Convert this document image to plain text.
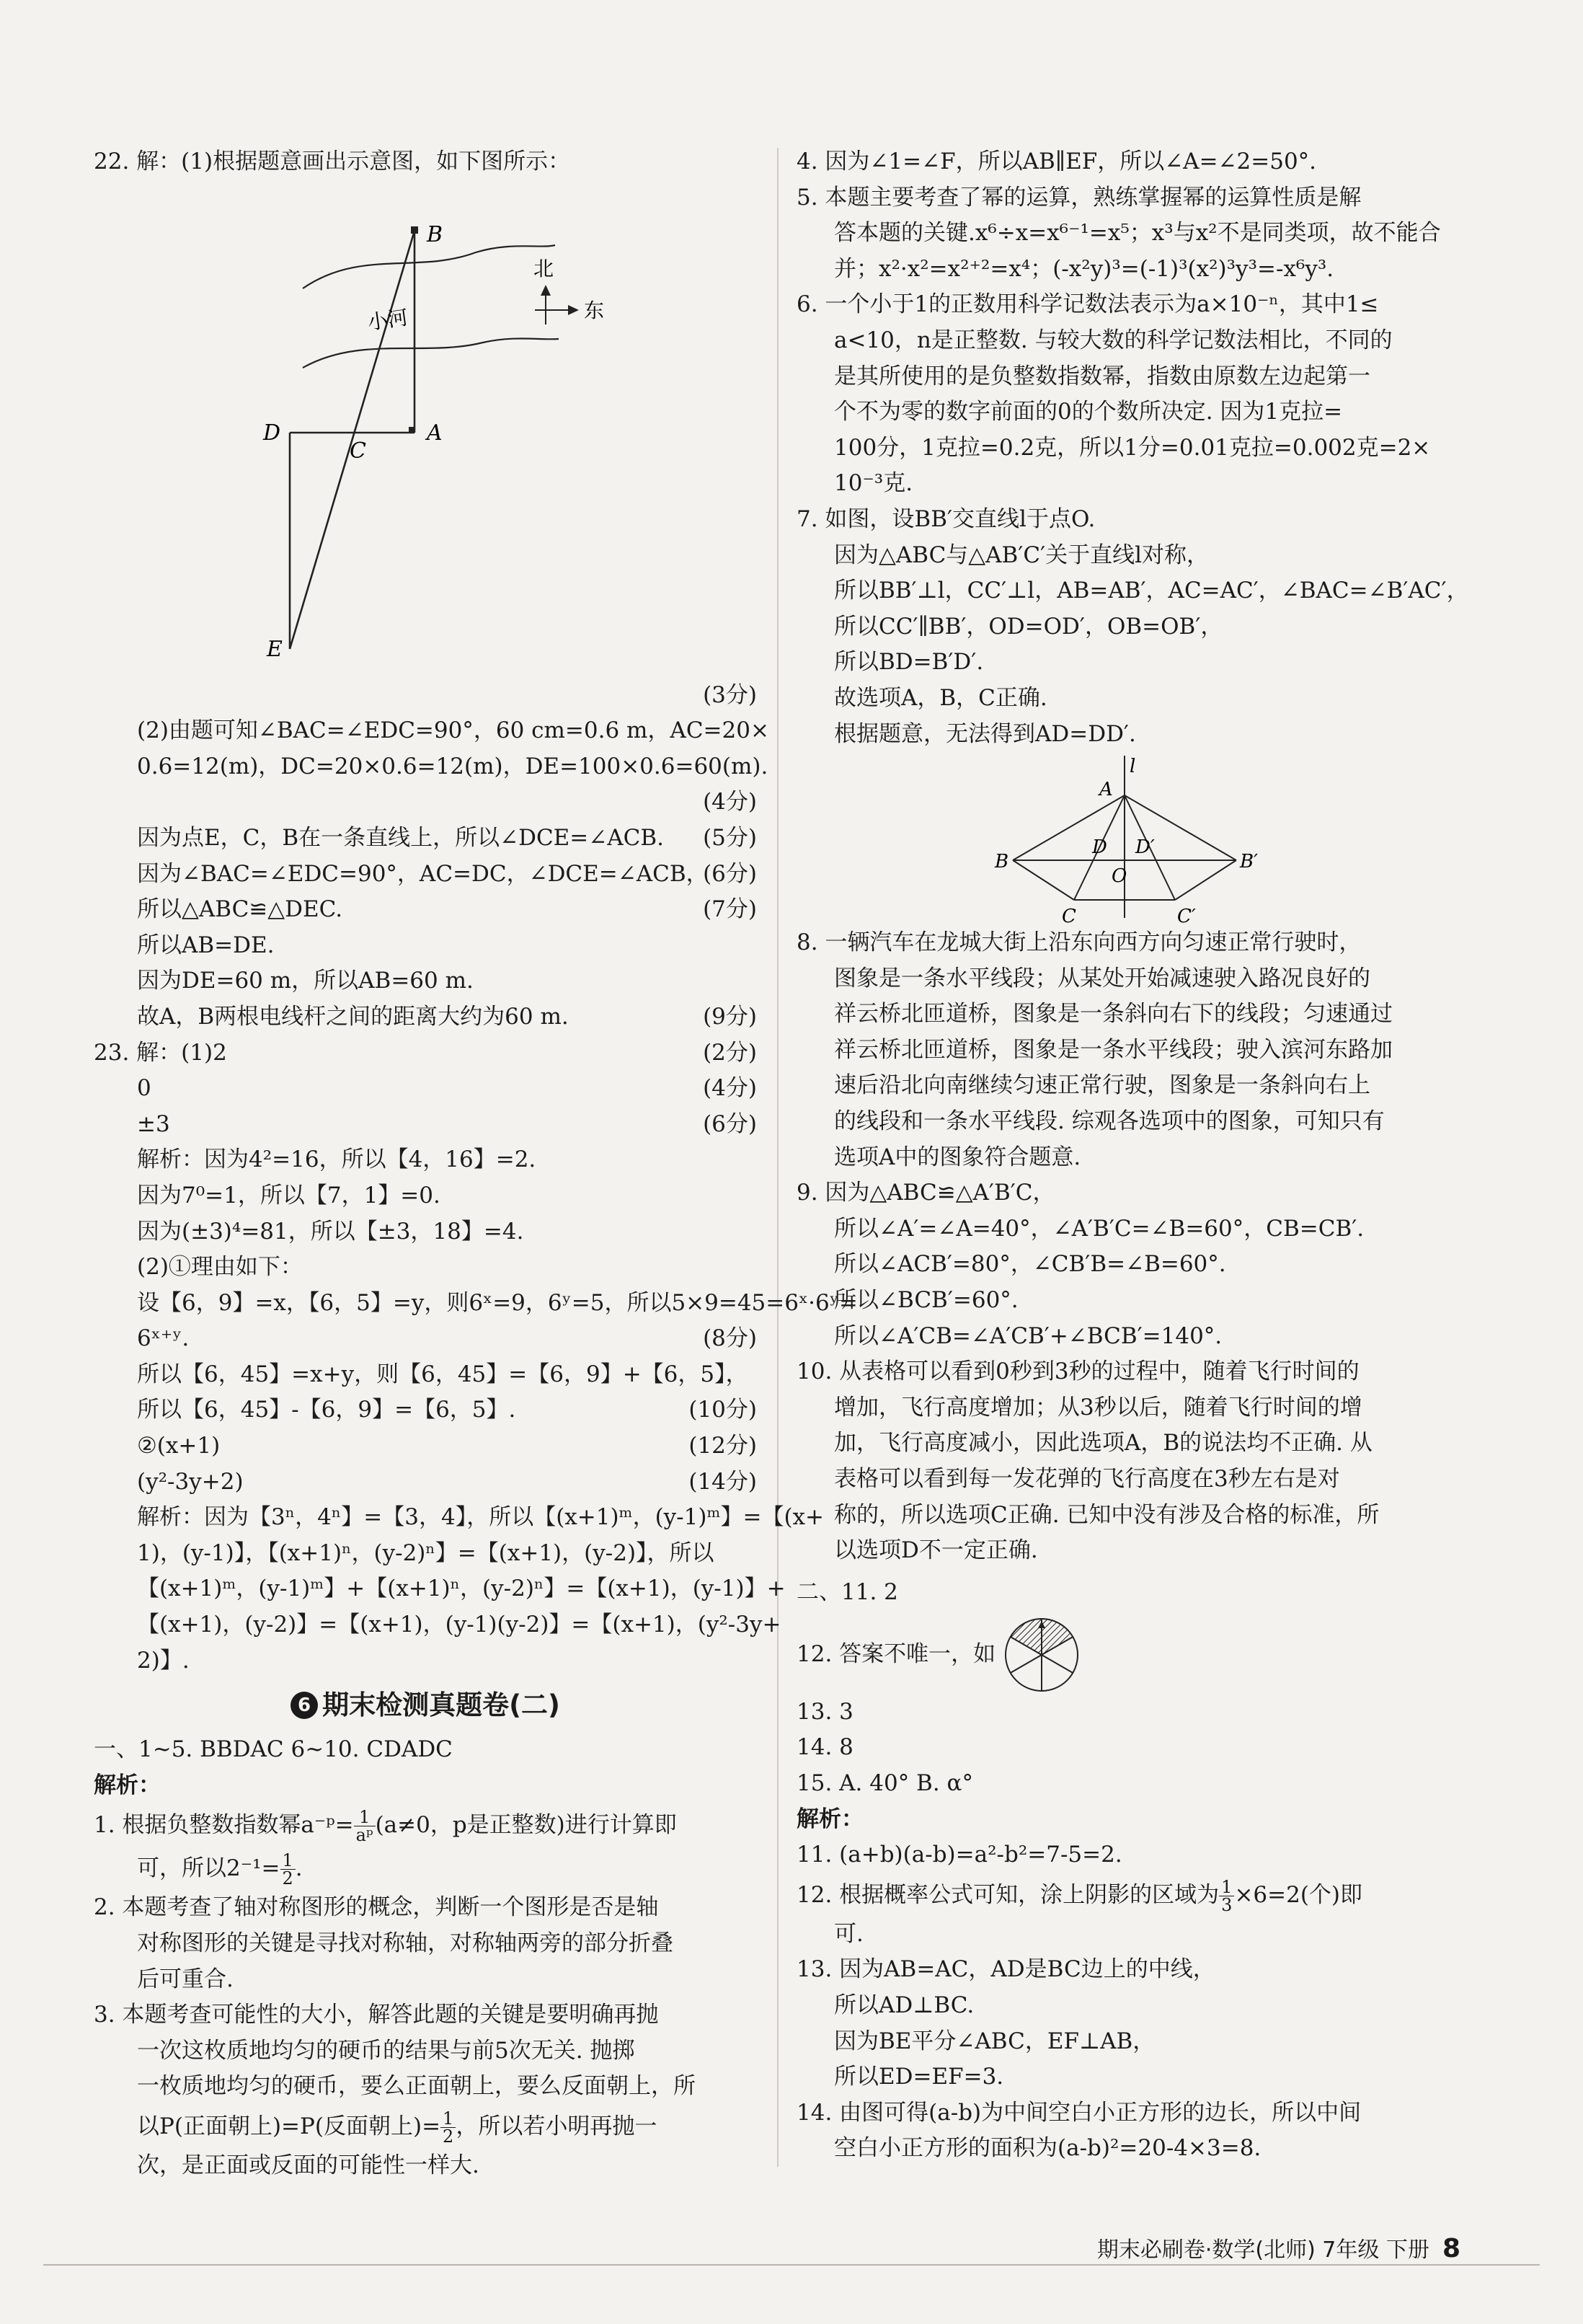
22. 解：(1)根据题意画出示意图，如下图所示：
B
A
C
D
E
小河
北
东
(3分)
(2)由题可知∠BAC=∠EDC=90°，60 cm=0.6 m，AC=20×
0.6=12(m)，DC=20×0.6=12(m)，DE=100×0.6=60(m).
(4分)
因为点E，C，B在一条直线上，所以∠DCE=∠ACB. (5分)
因为∠BAC=∠EDC=90°，AC=DC，∠DCE=∠ACB，
(6分)
所以△ABC≌△DEC.	(7分)
所以AB=DE.
因为DE=60 m，所以AB=60 m.
故A，B两根电线杆之间的距离大约为60 m.	(9分)
23. 解：(1)2	(2分)
0	(4分)
±3	(6分)
解析：因为4²=16，所以【4，16】=2.
因为7⁰=1，所以【7，1】=0.
因为(±3)⁴=81，所以【±3，18】=4.
(2)①理由如下：
设【6，9】=x，【6，5】=y，则6ˣ=9，6ʸ=5，所以5×9=45=6ˣ·6ʸ=
6ˣ⁺ʸ.	(8分)
所以【6，45】=x+y，则【6，45】=【6，9】+【6，5】，
所以【6，45】-【6，9】=【6，5】.	(10分)
②(x+1)	(12分)
(y²-3y+2)	(14分)
解析：因为【3ⁿ，4ⁿ】=【3，4】，所以【(x+1)ᵐ，(y-1)ᵐ】=【(x+
1)，(y-1)】，【(x+1)ⁿ，(y-2)ⁿ】=【(x+1)，(y-2)】，所以
【(x+1)ᵐ，(y-1)ᵐ】+【(x+1)ⁿ，(y-2)ⁿ】=【(x+1)，(y-1)】+
【(x+1)，(y-2)】=【(x+1)，(y-1)(y-2)】=【(x+1)，(y²-3y+
2)】.
6 期末检测真题卷(二)
一、1~5. BBDAC 6~10. CDADC
解析：
1. 根据负整数指数幂a⁻ᵖ= $\frac{1}{\text{aᵖ}} (a\ne 0$，p是正整数)进行计算即
可，所以$2^{-1}= \frac{1}{2}$ .
2. 本题考查了轴对称图形的概念，判断一个图形是否是轴
对称图形的关键是寻找对称轴，对称轴两旁的部分折叠
后可重合.
3. 本题考查可能性的大小，解答此题的关键是要明确再抛
一次这枚质地均匀的硬币的结果与前5次无关. 抛掷
一枚质地均匀的硬币，要么正面朝上，要么反面朝上，所
以P(正面朝上)=P(反面朝上)= $\frac{1}{2}$ ，所以若小明再抛一
次，是正面或反面的可能性一样大.
4. 因为∠1=∠F，所以AB∥EF，所以∠A=∠2=50°.
5. 本题主要考查了幂的运算，熟练掌握幂的运算性质是解
答本题的关键.x⁶÷x=x⁶⁻¹=x⁵；x³与x²不是同类项，故不能合
并；x²·x²=x²⁺²=x⁴；(-x²y)³=(-1)³(x²)³y³=-x⁶y³.
6. 一个小于1的正数用科学记数法表示为a×10⁻ⁿ，其中1≤
a<10，n是正整数. 与较大数的科学记数法相比，不同的
是其所使用的是负整数指数幂，指数由原数左边起第一
个不为零的数字前面的0的个数所决定. 因为1克拉=
100分，1克拉=0.2克，所以1分=0.01克拉=0.002克=2×
10⁻³克.
7. 如图，设BB′交直线l于点O.
因为△ABC与△AB′C′关于直线l对称，
所以BB′⊥l，CC′⊥l，AB=AB′，AC=AC′，∠BAC=∠B′AC′，
所以CC′∥BB′，OD=OD′，OB=OB′，
所以BD=B′D′.
故选项A，B，C正确.
根据题意，无法得到AD=DD′.
l
A
B	B′
D D′
O
C	C′
8. 一辆汽车在龙城大街上沿东向西方向匀速正常行驶时，
图象是一条水平线段；从某处开始减速驶入路况良好的
祥云桥北匝道桥，图象是一条斜向右下的线段；匀速通过
祥云桥北匝道桥，图象是一条水平线段；驶入滨河东路加
速后沿北向南继续匀速正常行驶，图象是一条斜向右上
的线段和一条水平线段. 综观各选项中的图象，可知只有
选项A中的图象符合题意.
9. 因为△ABC≌△A′B′C，
所以∠A′=∠A=40°，∠A′B′C=∠B=60°，CB=CB′.
所以∠ACB′=80°，∠CB′B=∠B=60°.
所以∠BCB′=60°.
所以∠A′CB=∠A′CB′+∠BCB′=140°.
10. 从表格可以看到0秒到3秒的过程中，随着飞行时间的
增加，飞行高度增加；从3秒以后，随着飞行时间的增
加，飞行高度减小，因此选项A，B的说法均不正确. 从
表格可以看到每一发花弹的飞行高度在3秒左右是对
称的，所以选项C正确. 已知中没有涉及合格的标准，所
以选项D不一定正确.
二、11. 2
12. 答案不唯一，如
13. 3
14. 8
15. A. 40° B. α°
解析：
11. (a+b)(a-b)=a²-b²=7-5=2.
12. 根据概率公式可知，涂上阴影的区域为 $\frac{1}{3} \times 6=2$(个)即
可.
13. 因为AB=AC，AD是BC边上的中线，
所以AD⊥BC.
因为BE平分∠ABC，EF⊥AB，
所以ED=EF=3.
14. 由图可得(a-b)为中间空白小正方形的边长，所以中间
空白小正方形的面积为(a-b)²=20-4×3=8.
期末必刷卷·数学(北师) 7年级 下册 8
